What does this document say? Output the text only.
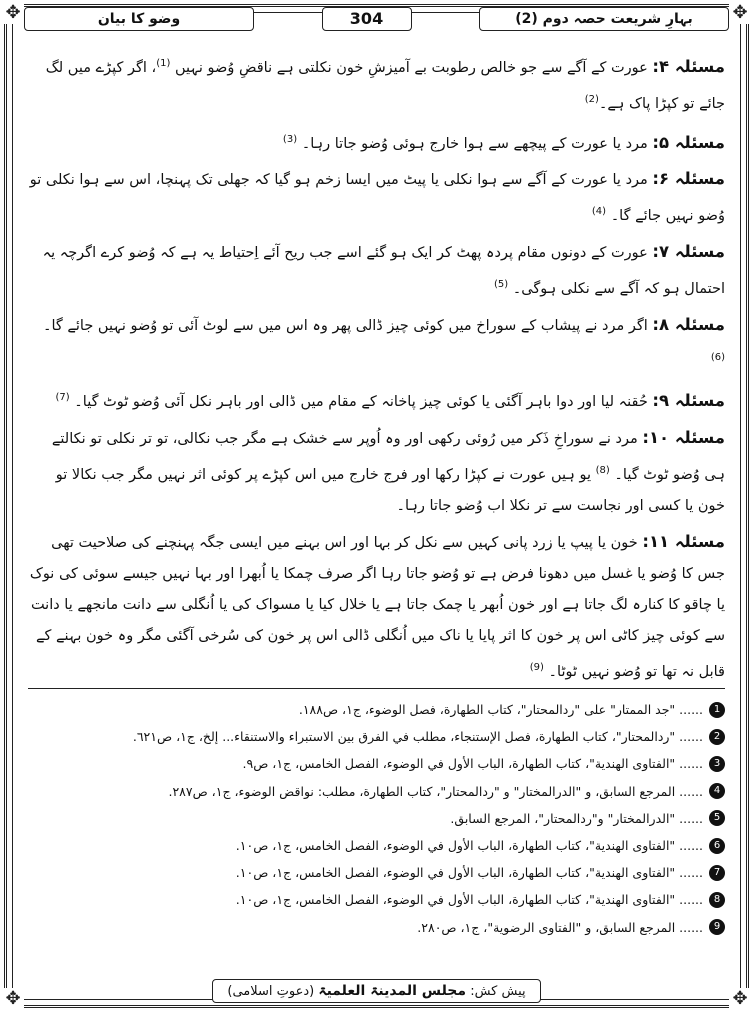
✥	✥
✥	✥
بہارِ شریعت حصہ دوم (2)
304
وضو کا بیان

مسئلہ ۴: عورت کے آگے سے جو خالص رطوبت بے آمیزشِ خون نکلتی ہے ناقضِ وُضو نہیں $^{(1)}$، اگر کپڑے میں لگ جائے تو کپڑا پاک ہے۔$^{(2)}$

مسئلہ ۵: مرد یا عورت کے پیچھے سے ہوا خارج ہوئی وُضو جاتا رہا۔ $^{(3)}$

مسئلہ ۶: مرد یا عورت کے آگے سے ہوا نکلی یا پیٹ میں ایسا زخم ہو گیا کہ جھلی تک پہنچا، اس سے ہوا نکلی تو وُضو نہیں جائے گا۔ $^{(4)}$

مسئلہ ۷: عورت کے دونوں مقام پردہ پھٹ کر ایک ہو گئے اسے جب ریح آئے اِحتیاط یہ ہے کہ وُضو کرے اگرچہ یہ احتمال ہو کہ آگے سے نکلی ہوگی۔ $^{(5)}$

مسئلہ ۸: اگر مرد نے پیشاب کے سوراخ میں کوئی چیز ڈالی پھر وہ اس میں سے لوٹ آئی تو وُضو نہیں جائے گا۔ $^{(6)}$

مسئلہ ۹: حُقنہ لیا اور دوا باہر آگئی یا کوئی چیز پاخانہ کے مقام میں ڈالی اور باہر نکل آئی وُضو ٹوٹ گیا۔ $^{(7)}$

مسئلہ ۱۰: مرد نے سوراخِ ذَکر میں رُوئی رکھی اور وہ اُوپر سے خشک ہے مگر جب نکالی، تو تر نکلی تو نکالتے ہی وُضو ٹوٹ گیا۔ $^{(8)}$ یو ہیں عورت نے کپڑا رکھا اور فرج خارج میں اس کپڑے پر کوئی اثر نہیں مگر جب نکالا تو خون یا کسی اور نجاست سے تر نکلا اب وُضو جاتا رہا۔

مسئلہ ۱۱: خون یا پیپ یا زرد پانی کہیں سے نکل کر بہا اور اس بہنے میں ایسی جگہ پہنچنے کی صلاحیت تھی جس کا وُضو یا غسل میں دھونا فرض ہے تو وُضو جاتا رہا اگر صرف چمکا یا اُبھرا اور بہا نہیں جیسے سوئی کی نوک یا چاقو کا کنارہ لگ جاتا ہے اور خون اُبھر یا چمک جاتا ہے یا خلال کیا یا مسواک کی یا اُنگلی سے دانت مانجھے یا دانت سے کوئی چیز کاٹی اس پر خون کا اثر پایا یا ناک میں اُنگلی ڈالی اس پر خون کی سُرخی آگئی مگر وہ خون بہنے کے قابل نہ تھا تو وُضو نہیں ٹوٹا۔ $^{(9)}$

1
...... "جد الممتار" على "ردالمحتار"، كتاب الطهارة، فصل الوضوء، ج١، ص١٨٨.
2
...... "ردالمحتار"، كتاب الطهارة، فصل الإستنجاء، مطلب في الفرق بين الاستبراء والاستنقاء... إلخ، ج١، ص٦٢١.
3
...... "الفتاوى الهندية"، كتاب الطهارة، الباب الأول في الوضوء، الفصل الخامس، ج١، ص٩.
4
...... المرجع السابق، و "الدرالمختار" و "ردالمحتار"، كتاب الطهارة، مطلب: نواقض الوضوء، ج١، ص٢٨٧.
5
...... "الدرالمختار" و"ردالمحتار"، المرجع السابق.
6
...... "الفتاوى الهندية"، كتاب الطهارة، الباب الأول في الوضوء، الفصل الخامس، ج١، ص١٠.
7
...... "الفتاوى الهندية"، كتاب الطهارة، الباب الأول في الوضوء، الفصل الخامس، ج١، ص١٠.
8
...... "الفتاوى الهندية"، كتاب الطهارة، الباب الأول في الوضوء، الفصل الخامس، ج١، ص١٠.
9
...... المرجع السابق، و "الفتاوى الرضوية"، ج١، ص٢٨٠.
پیش کش: مجلس المدینۃ العلمیۃ (دعوتِ اسلامی)
